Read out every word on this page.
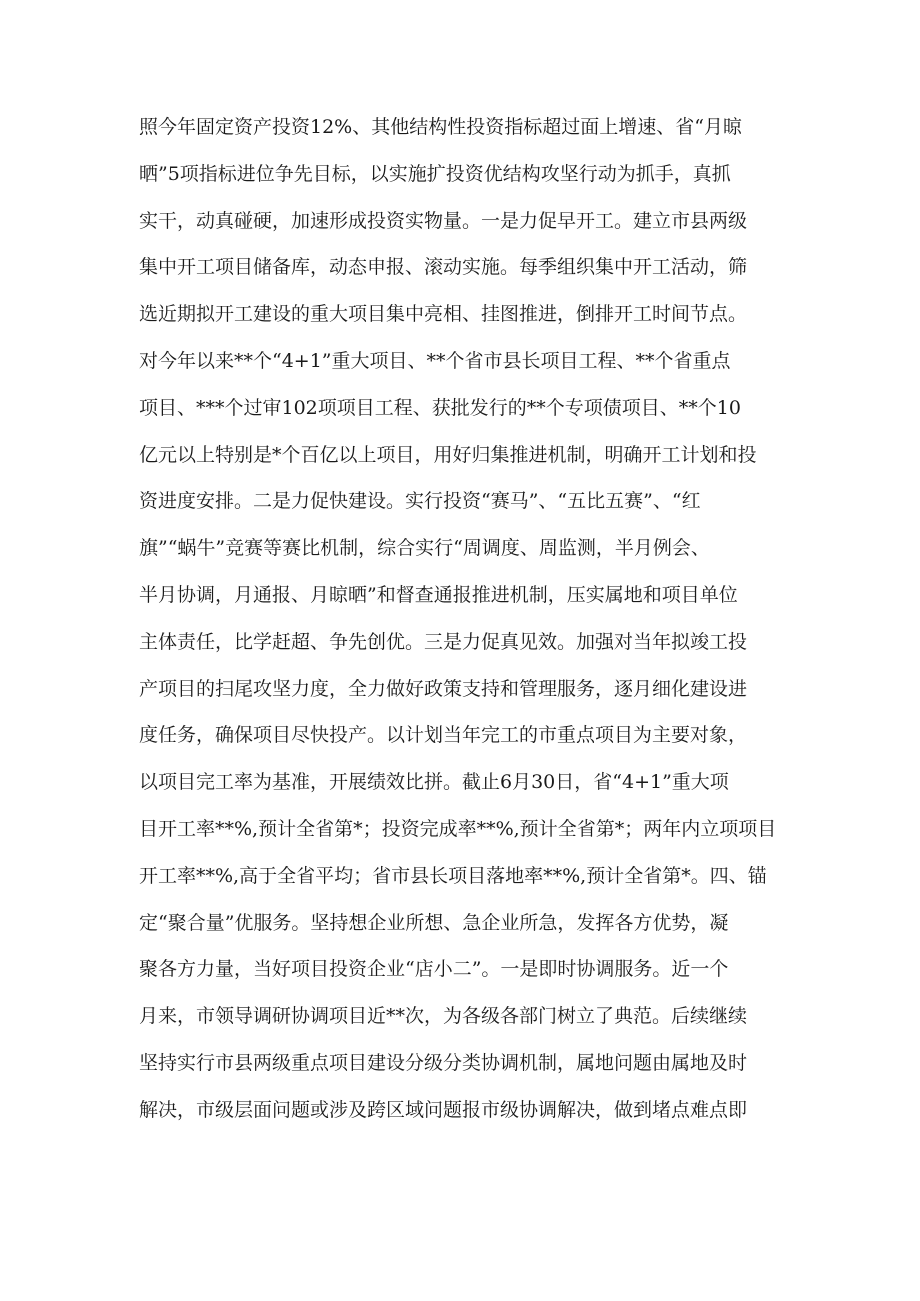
照今年固定资产投资12%、其他结构性投资指标超过面上增速、省“月晾
晒”5项指标进位争先目标，以实施扩投资优结构攻坚行动为抓手，真抓
实干，动真碰硬，加速形成投资实物量。一是力促早开工。建立市县两级
集中开工项目储备库，动态申报、滚动实施。每季组织集中开工活动，筛
选近期拟开工建设的重大项目集中亮相、挂图推进，倒排开工时间节点。
对今年以来**个“4+1”重大项目、**个省市县长项目工程、**个省重点
项目、***个过审102项项目工程、获批发行的**个专项债项目、**个10
亿元以上特别是*个百亿以上项目，用好归集推进机制，明确开工计划和投
资进度安排。二是力促快建设。实行投资“赛马”、“五比五赛”、“红
旗”“蜗牛”竞赛等赛比机制，综合实行“周调度、周监测，半月例会、
半月协调，月通报、月晾晒”和督查通报推进机制，压实属地和项目单位
主体责任，比学赶超、争先创优。三是力促真见效。加强对当年拟竣工投
产项目的扫尾攻坚力度，全力做好政策支持和管理服务，逐月细化建设进
度任务，确保项目尽快投产。以计划当年完工的市重点项目为主要对象，
以项目完工率为基准，开展绩效比拼。截止6月30日，省“4+1”重大项
目开工率**%,预计全省第*；投资完成率**%,预计全省第*；两年内立项项目
开工率**%,高于全省平均；省市县长项目落地率**%,预计全省第*。四、锚
定“聚合量”优服务。坚持想企业所想、急企业所急，发挥各方优势，凝
聚各方力量，当好项目投资企业“店小二”。一是即时协调服务。近一个
月来，市领导调研协调项目近**次，为各级各部门树立了典范。后续继续
坚持实行市县两级重点项目建设分级分类协调机制，属地问题由属地及时
解决，市级层面问题或涉及跨区域问题报市级协调解决，做到堵点难点即
